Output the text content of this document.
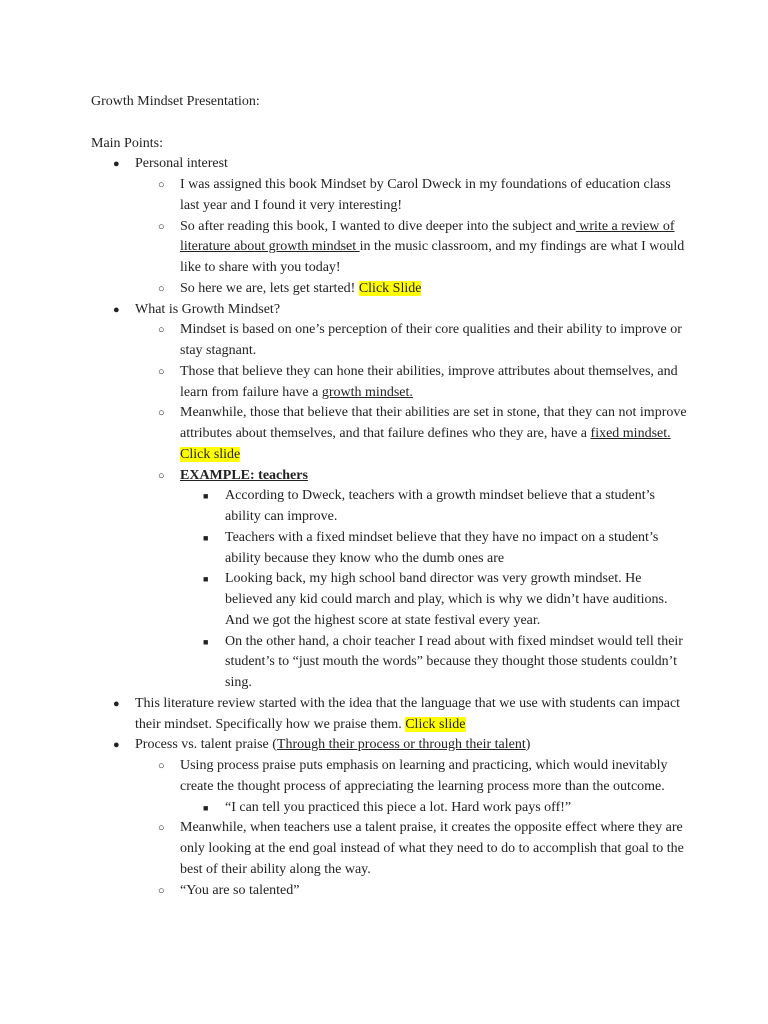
Growth Mindset Presentation:
Main Points:
● Personal interest
○ I was assigned this book Mindset by Carol Dweck in my foundations of education class last year and I found it very interesting!
○ So after reading this book, I wanted to dive deeper into the subject and write a review of literature about growth mindset in the music classroom, and my findings are what I would like to share with you today!
○ So here we are, lets get started! Click Slide
● What is Growth Mindset?
○ Mindset is based on one’s perception of their core qualities and their ability to improve or stay stagnant.
○ Those that believe they can hone their abilities, improve attributes about themselves, and learn from failure have a growth mindset.
○ Meanwhile, those that believe that their abilities are set in stone, that they can not improve attributes about themselves, and that failure defines who they are, have a fixed mindset. Click slide
○ EXAMPLE: teachers
■ According to Dweck, teachers with a growth mindset believe that a student’s ability can improve.
■ Teachers with a fixed mindset believe that they have no impact on a student’s ability because they know who the dumb ones are
■ Looking back, my high school band director was very growth mindset. He believed any kid could march and play, which is why we didn’t have auditions. And we got the highest score at state festival every year.
■ On the other hand, a choir teacher I read about with fixed mindset would tell their student’s to “just mouth the words” because they thought those students couldn’t sing.
● This literature review started with the idea that the language that we use with students can impact their mindset. Specifically how we praise them. Click slide
● Process vs. talent praise (Through their process or through their talent)
○ Using process praise puts emphasis on learning and practicing, which would inevitably create the thought process of appreciating the learning process more than the outcome.
■ “I can tell you practiced this piece a lot. Hard work pays off!”
○ Meanwhile, when teachers use a talent praise, it creates the opposite effect where they are only looking at the end goal instead of what they need to do to accomplish that goal to the best of their ability along the way.
○ “You are so talented”
